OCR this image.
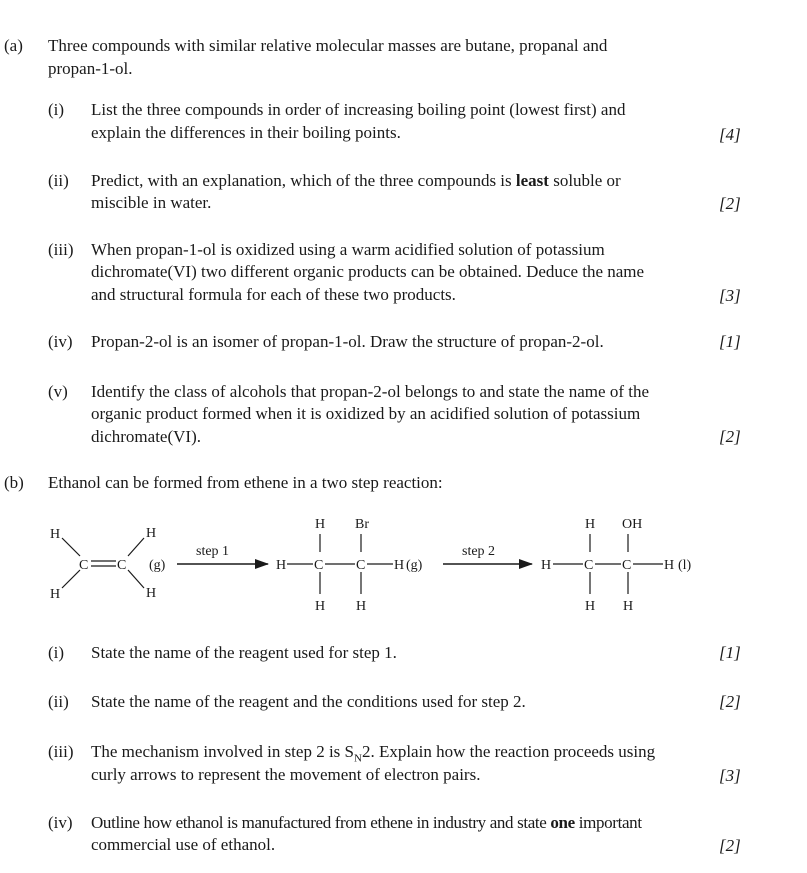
(a) Three compounds with similar relative molecular masses are butane, propanal and
propan-1-ol.
(i) List the three compounds in order of increasing boiling point (lowest first) and
explain the differences in their boiling points.	[4]
(ii) Predict, with an explanation, which of the three compounds is least soluble or
miscible in water.	[2]
(iii) When propan-1-ol is oxidized using a warm acidified solution of potassium
dichromate(VI) two different organic products can be obtained. Deduce the name
and structural formula for each of these two products.	[3]
(iv) Propan-2-ol is an isomer of propan-1-ol. Draw the structure of propan-2-ol.	[1]
(v) Identify the class of alcohols that propan-2-ol belongs to and state the name of the
organic product formed when it is oxidized by an acidified solution of potassium
dichromate(VI).	[2]
(b) Ethanol can be formed from ethene in a two step reaction:
H
H
H
H
C C (g)
step 1
H Br
H C C H (g)
H H
step 2
H OH
H C C H (l)
H H
(i) State the name of the reagent used for step 1.	[1]
(ii) State the name of the reagent and the conditions used for step 2.	[2]
(iii) The mechanism involved in step 2 is $S_N2$. Explain how the reaction proceeds using
curly arrows to represent the movement of electron pairs.	[3]
(iv) Outline how ethanol is manufactured from ethene in industry and state one important
commercial use of ethanol.	[2]
